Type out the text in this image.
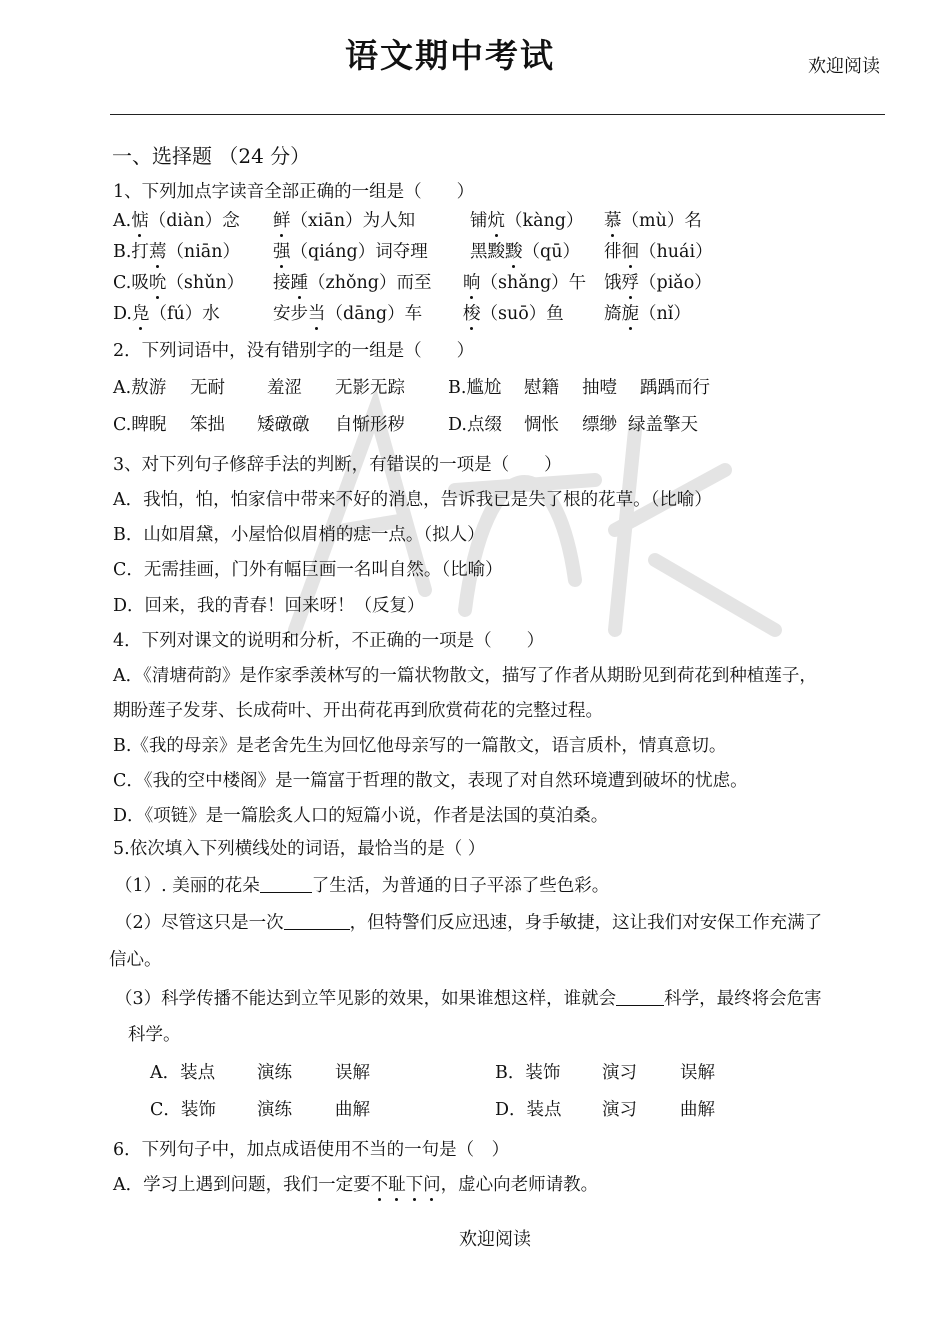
语文期中考试	欢迎阅读
一、选择题 （24 分）
1、下列加点字读音全部正确的一组是（　　）
A.惦（diàn）念 鲜（xiān）为人知	铺炕（kàng） 慕（mù）名
B.打蔫（niān） 强（qiáng）词夺理 黑黢黢（qū） 徘徊（huái）
C.吸吮（shǔn） 接踵（zhǒng）而至 晌（shǎng）午 饿殍（piǎo）
D.凫（fú）水	安步当（dāng）车 梭（suō）鱼 旖旎（nǐ）
2．下列词语中，没有错别字的一组是（　　）
A.敖游 无耐 羞涩 无影无踪 B.尴尬 慰籍 抽噎 踽踽而行
C.睥睨 笨拙 矮礅礅 自惭形秽 D.点缀 惆怅 缥缈 绿盖擎天
3、对下列句子修辞手法的判断，有错误的一项是（　　）
A．我怕，怕，怕家信中带来不好的消息，告诉我已是失了根的花草。（比喻）
B．山如眉黛，小屋恰似眉梢的痣一点。（拟人）
C．无需挂画，门外有幅巨画一名叫自然。（比喻）
D．回来，我的青春！回来呀！（反复）
4．下列对课文的说明和分析，不正确的一项是（　　）
A．《清塘荷韵》是作家季羡林写的一篇状物散文，描写了作者从期盼见到荷花到种植莲子，
期盼莲子发芽、长成荷叶、开出荷花再到欣赏荷花的完整过程。
B.《我的母亲》是老舍先生为回忆他母亲写的一篇散文，语言质朴，情真意切。
C．《我的空中楼阁》是一篇富于哲理的散文，表现了对自然环境遭到破坏的忧虑。
D．《项链》是一篇脍炙人口的短篇小说，作者是法国的莫泊桑。
5.依次填入下列横线处的词语，最恰当的是（ ）
（1）. 美丽的花朵	了生活，为普通的日子平添了些色彩。
（2）尽管这只是一次	，但特警们反应迅速，身手敏捷，这让我们对安保工作充满了
信心。
（3）科学传播不能达到立竿见影的效果，如果谁想这样，谁就会	科学，最终将会危害
科学。
A．装点 演练 误解	B．装饰 演习 误解
C．装饰 演练 曲解	D．装点 演习 曲解
6．下列句子中，加点成语使用不当的一句是（　）
A．学习上遇到问题，我们一定要不耻下问，虚心向老师请教。
欢迎阅读
